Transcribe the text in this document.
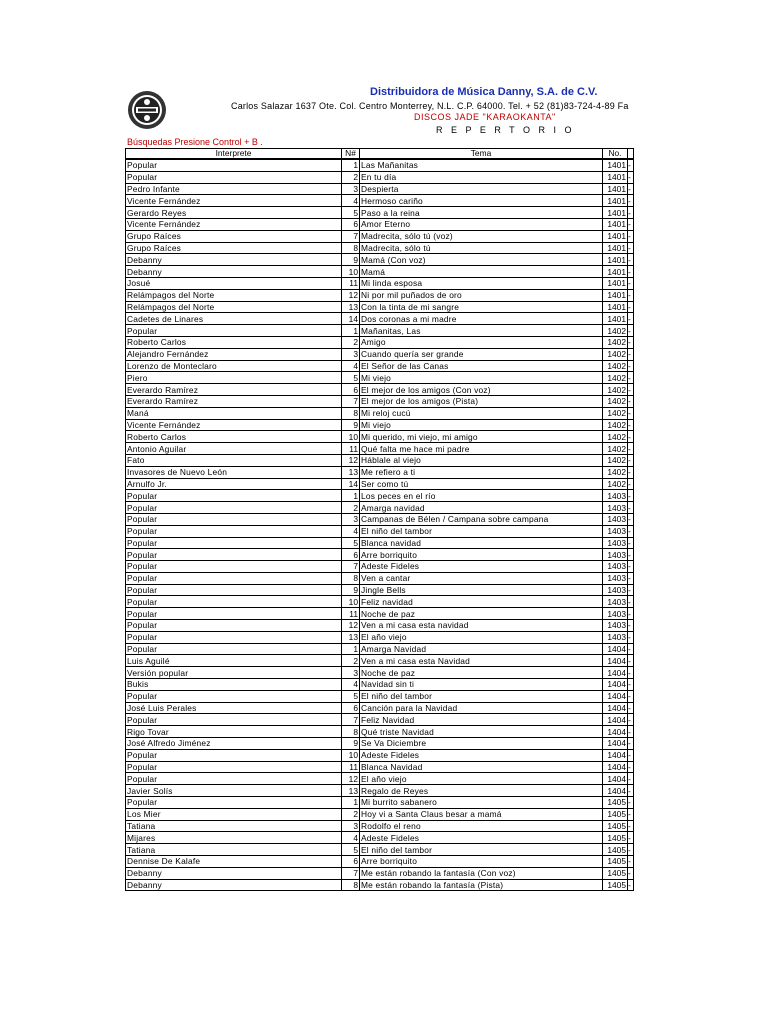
Distribuidora de Música Danny, S.A. de C.V.
Carlos Salazar 1637 Ote. Col. Centro Monterrey, N.L. C.P. 64000. Tel. + 52 (81)83-724-4-89 Fa
DISCOS JADE "KARAOKANTA"
R E P E R T O R I O
Búsquedas Presione Control + B .
Interprete	N#	Tema	No.	
Popular	1	Las Mañanitas	1401	-
Popular	2	En tu día	1401	-
Pedro Infante	3	Despierta	1401	-
Vicente Fernández	4	Hermoso cariño	1401	-
Gerardo Reyes	5	Paso a la reina	1401	-
Vicente Fernández	6	Amor Eterno	1401	-
Grupo Raíces	7	Madrecita, sólo tú (voz)	1401	-
Grupo Raíces	8	Madrecita, sólo tú	1401	-
Debanny	9	Mamá (Con voz)	1401	-
Debanny	10	Mamá	1401	-
Josué	11	Mi linda esposa	1401	-
Relámpagos del Norte	12	Ni por mil puñados de oro	1401	-
Relámpagos del Norte	13	Con la tinta de mi sangre	1401	-
Cadetes de Linares	14	Dos coronas a mi madre	1401	-
Popular	1	Mañanitas, Las	1402	-
Roberto Carlos	2	Amigo	1402	-
Alejandro Fernández	3	Cuando quería ser grande	1402	-
Lorenzo de Monteclaro	4	El Señor de las Canas	1402	-
Piero	5	Mi viejo	1402	-
Everardo Ramírez	6	El mejor de los amigos (Con voz)	1402	-
Everardo Ramírez	7	El mejor de los amigos (Pista)	1402	-
Maná	8	Mi reloj cucú	1402	-
Vicente Fernández	9	Mi viejo	1402	-
Roberto Carlos	10	Mi querido, mi viejo, mi amigo	1402	-
Antonio Aguilar	11	Qué falta me hace mi padre	1402	-
Fato	12	Háblale al viejo	1402	-
Invasores de Nuevo León	13	Me refiero a ti	1402	-
Arnulfo Jr.	14	Ser como tú	1402	-
Popular	1	Los peces en el río	1403	-
Popular	2	Amarga navidad	1403	-
Popular	3	Campanas de Bélen / Campana sobre campana	1403	-
Popular	4	El niño del tambor	1403	-
Popular	5	Blanca navidad	1403	-
Popular	6	Arre borriquito	1403	-
Popular	7	Adeste Fideles	1403	-
Popular	8	Ven a cantar	1403	-
Popular	9	Jingle Bells	1403	-
Popular	10	Feliz navidad	1403	-
Popular	11	Noche de paz	1403	-
Popular	12	Ven a mi casa esta navidad	1403	-
Popular	13	El año viejo	1403	-
Popular	1	Amarga Navidad	1404	-
Luis Aguilé	2	Ven a mi casa esta Navidad	1404	-
Versión popular	3	Noche de paz	1404	-
Bukis	4	Navidad sin ti	1404	-
Popular	5	El niño del tambor	1404	-
José Luis Perales	6	Canción para la Navidad	1404	-
Popular	7	Feliz Navidad	1404	-
Rigo Tovar	8	Qué triste Navidad	1404	-
José Alfredo Jiménez	9	Se Va Diciembre	1404	-
Popular	10	Adeste Fideles	1404	-
Popular	11	Blanca Navidad	1404	-
Popular	12	El año viejo	1404	-
Javier Solís	13	Regalo de Reyes	1404	-
Popular	1	Mi burrito sabanero	1405	-
Los Mier	2	Hoy vi a Santa Claus besar a mamá	1405	-
Tatiana	3	Rodolfo el reno	1405	-
Mijares	4	Adeste Fideles	1405	-
Tatiana	5	El niño del tambor	1405	-
Dennise De Kalafe	6	Arre borriquito	1405	-
Debanny	7	Me están robando la fantasía (Con voz)	1405	-
Debanny	8	Me están robando la fantasía (Pista)	1405	-
